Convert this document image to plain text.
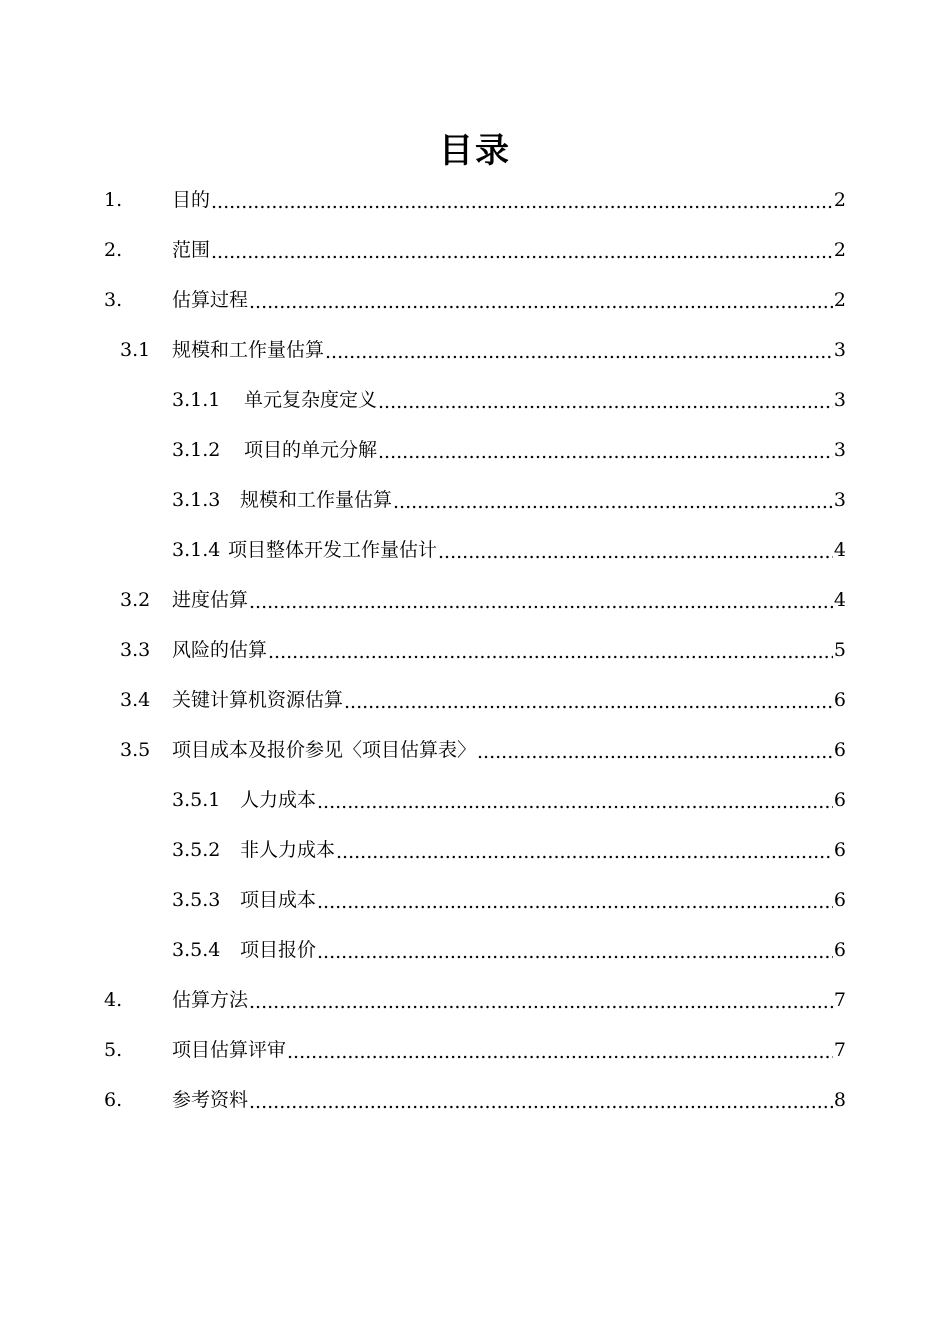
目录
1.	目的 .....	2
2.	范围 .....	2
3.	估算过程 .....	2
3.1	规模和工作量估算 .....	3
3.1.1	单元复杂度定义 .....	3
3.1.2	项目的单元分解 .....	3
3.1.3	规模和工作量估算 .....	3
3.1.4 项目整体开发工作量估计 .....	4
3.2	进度估算 .....	4
3.3	风险的估算 .....	5
3.4	关键计算机资源估算 .....	6
3.5	项目成本及报价参见〈项目估算表〉 .....	6
3.5.1	人力成本 .....	6
3.5.2	非人力成本 .....	6
3.5.3	项目成本 .....	6
3.5.4	项目报价 .....	6
4.	估算方法 .....	7
5.	项目估算评审 .....	7
6.	参考资料 .....	8
